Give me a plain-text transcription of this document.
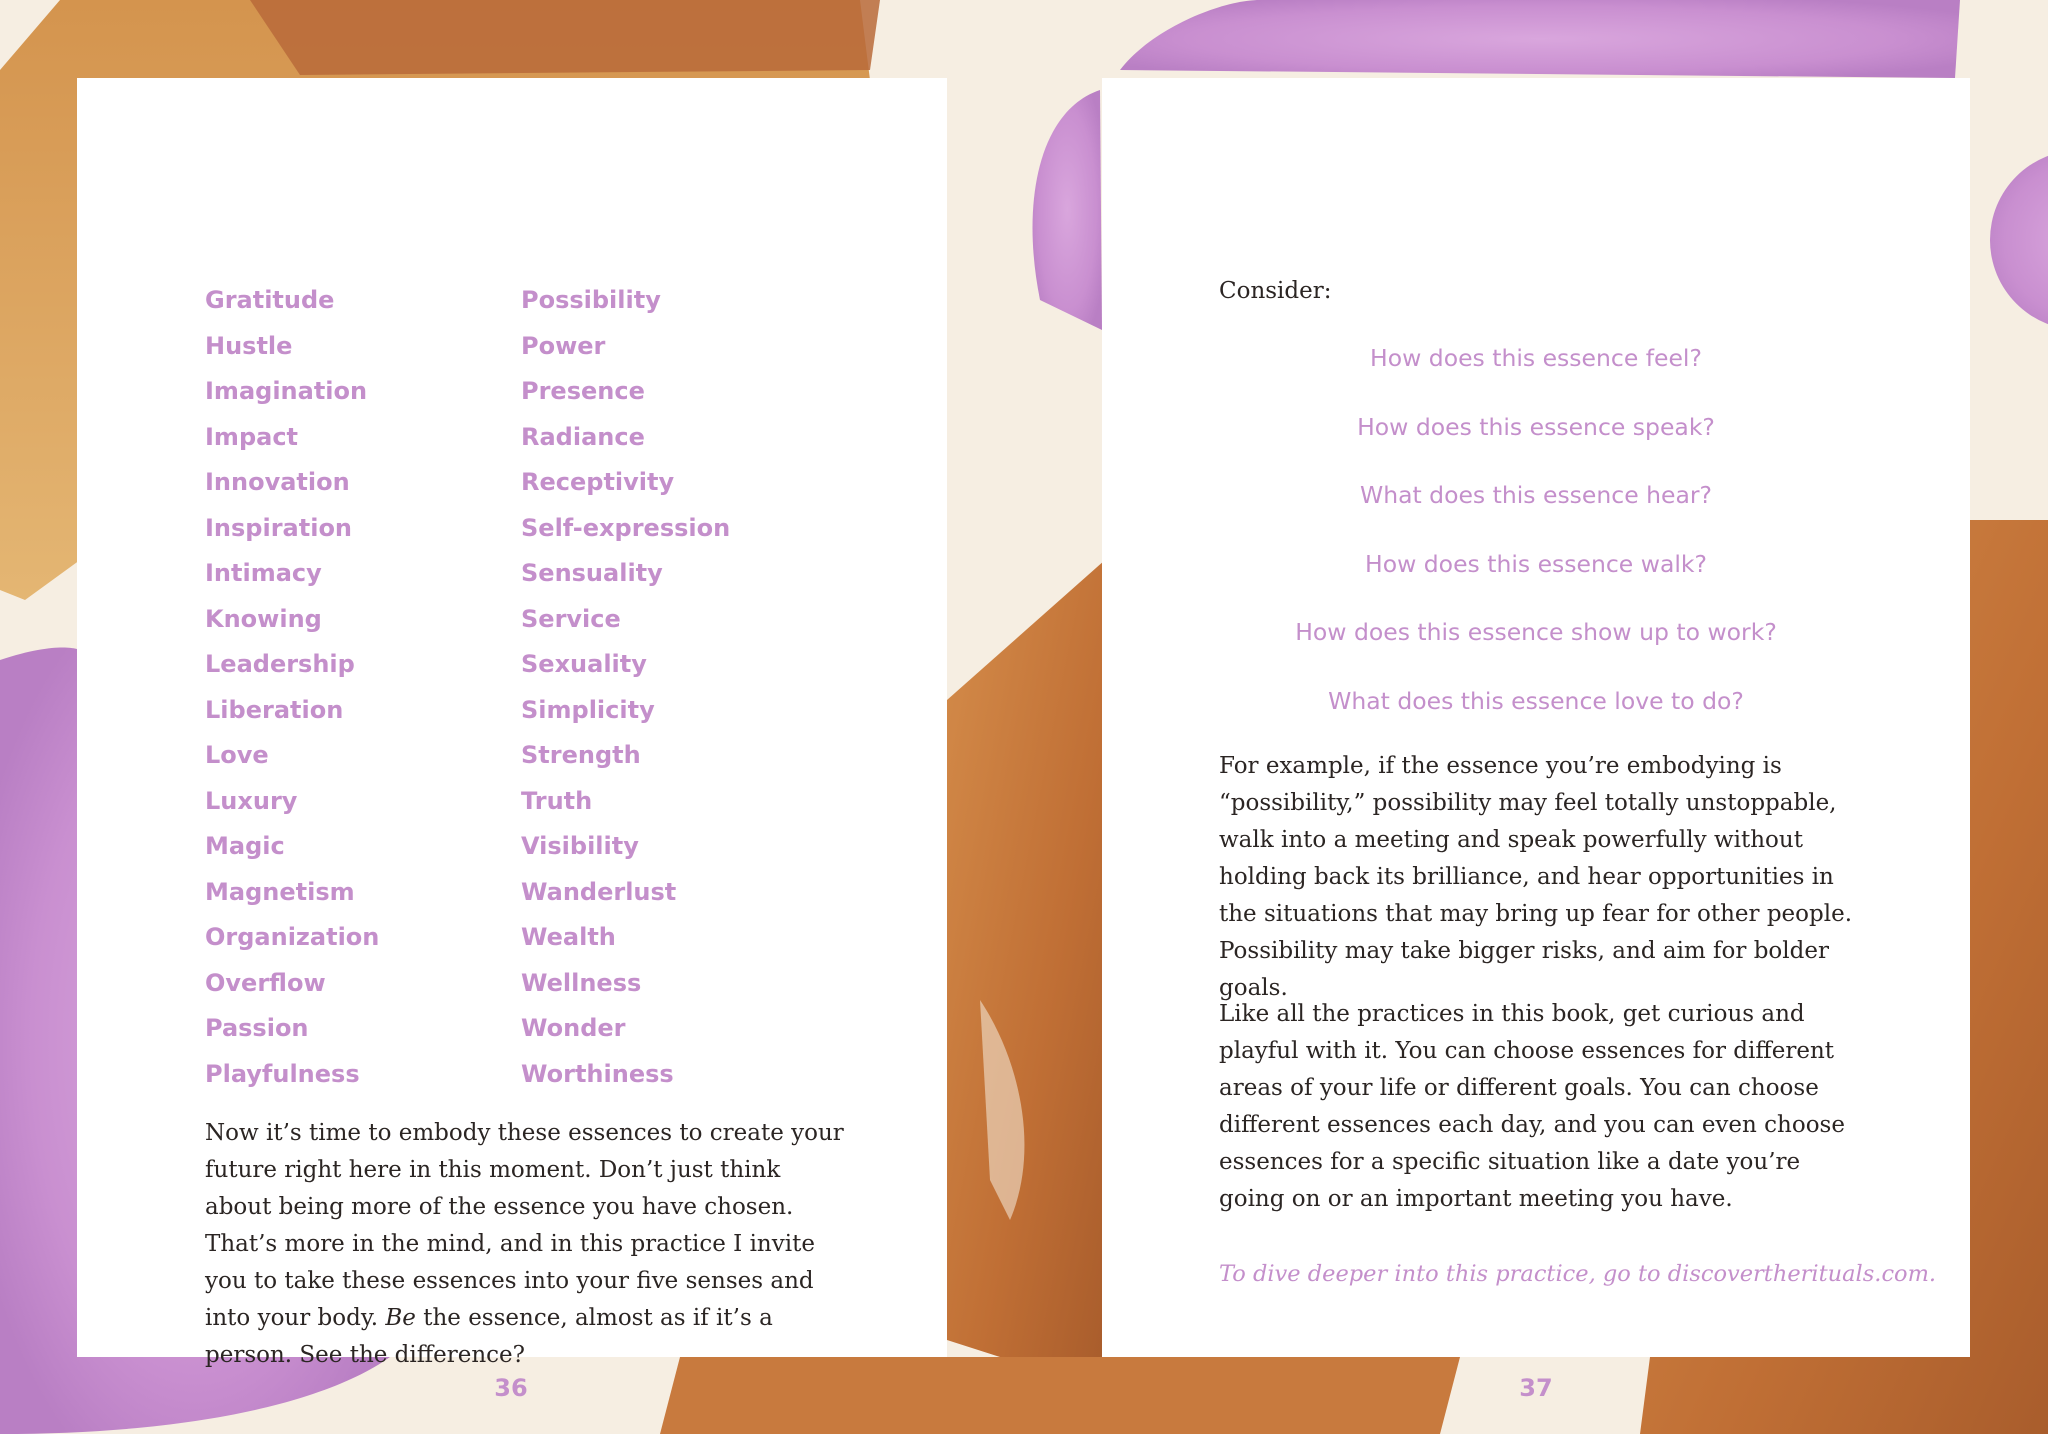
Gratitude
Hustle
Imagination
Impact
Innovation
Inspiration
Intimacy
Knowing
Leadership
Liberation
Love
Luxury
Magic
Magnetism
Organization
Overflow
Passion
Playfulness
Possibility
Power
Presence
Radiance
Receptivity
Self-expression
Sensuality
Service
Sexuality
Simplicity
Strength
Truth
Visibility
Wanderlust
Wealth
Wellness
Wonder
Worthiness

Now it’s time to embody these essences to create your future right here in this moment. Don’t just think about being more of the essence you have chosen. That’s more in the mind, and in this practice I invite you to take these essences into your five senses and into your body. Be the essence, almost as if it’s a person. See the difference?

Consider:

How does this essence feel?
How does this essence speak?
What does this essence hear?
How does this essence walk?
How does this essence show up to work?
What does this essence love to do?

For example, if the essence you’re embodying is “possibility,” possibility may feel totally unstoppable, walk into a meeting and speak powerfully without holding back its brilliance, and hear opportunities in the situations that may bring up fear for other people. Possibility may take bigger risks, and aim for bolder goals.

Like all the practices in this book, get curious and playful with it. You can choose essences for different areas of your life or different goals. You can choose different essences each day, and you can even choose essences for a specific situation like a date you’re going on or an important meeting you have.

To dive deeper into this practice, go to discovertherituals.com.
36	37
